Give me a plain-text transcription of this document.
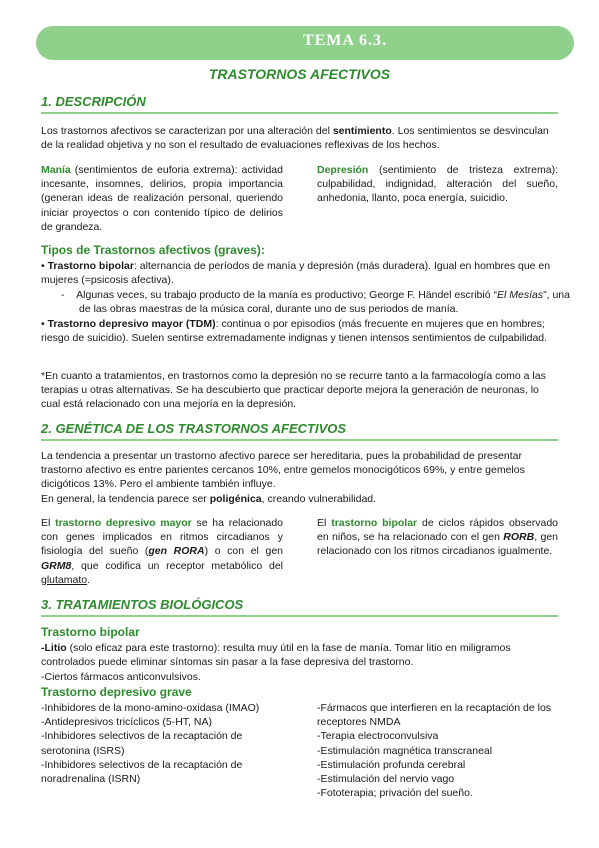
TEMA 6.3.
TRASTORNOS AFECTIVOS
1. DESCRIPCIÓN

Los trastornos afectivos se caracterizan por una alteración del sentimiento. Los sentimientos se desvinculan de la realidad objetiva y no son el resultado de evaluaciones reflexivas de los hechos.

Manía (sentimientos de euforia extrema): actividad incesante, insomnes, delirios, propia importancia (generan ideas de realización personal, queriendo iniciar proyectos o con contenido típico de delirios de grandeza.

Depresión (sentimiento de tristeza extrema): culpabilidad, indignidad, alteración del sueño, anhedonia, llanto, poca energía, suicidio.

Tipos de Trastornos afectivos (graves):

• Trastorno bipolar: alternancia de períodos de manía y depresión (más duradera). Igual en hombres que en mujeres (=psicosis afectiva).

-    Algunas veces, su trabajo producto de la manía es productivo; George F. Händel escribió “El Mesías”, una de las obras maestras de la música coral, durante uno de sus periodos de manía.

• Trastorno depresivo mayor (TDM): continua o por episodios (más frecuente en mujeres que en hombres; riesgo de suicidio). Suelen sentirse extremadamente indignas y tienen intensos sentimientos de culpabilidad.

*En cuanto a tratamientos, en trastornos como la depresión no se recurre tanto a la farmacología como a las terapias u otras alternativas. Se ha descubierto que practicar deporte mejora la generación de neuronas, lo cual está relacionado con una mejoría en la depresión.

2. GENÉTICA DE LOS TRASTORNOS AFECTIVOS

La tendencia a presentar un trastorno afectivo parece ser hereditaria, pues la probabilidad de presentar trastorno afectivo es entre parientes cercanos 10%, entre gemelos monocigóticos 69%, y entre gemelos dicigóticos 13%. Pero el ambiente también influye.

En general, la tendencia parece ser poligénica, creando vulnerabilidad.

El trastorno depresivo mayor se ha relacionado con genes implicados en ritmos circadianos y fisiología del sueño (gen RORA) o con el gen GRM8, que codifica un receptor metabólico del glutamato.

El trastorno bipolar de ciclos rápidos observado en niños, se ha relacionado con el gen RORB, gen relacionado con los ritmos circadianos igualmente.

3. TRATAMIENTOS BIOLÓGICOS
Trastorno bipolar

-Litio (solo eficaz para este trastorno): resulta muy útil en la fase de manía. Tomar litio en miligramos controlados puede eliminar síntomas sin pasar a la fase depresiva del trastorno.

-Ciertos fármacos anticonvulsivos.

Trastorno depresivo grave
-Inhibidores de la mono-amino-oxidasa (IMAO)
-Antidepresivos tricíclicos (5-HT, NA)
-Inhibidores selectivos de la recaptación de serotonina (ISRS)
-Inhibidores selectivos de la recaptación de noradrenalina (ISRN)
-Fármacos que interfieren en la recaptación de los receptores NMDA
-Terapia electroconvulsiva
-Estimulación magnética transcraneal
-Estimulación profunda cerebral
-Estimulación del nervio vago
-Fototerapia; privación del sueño.
